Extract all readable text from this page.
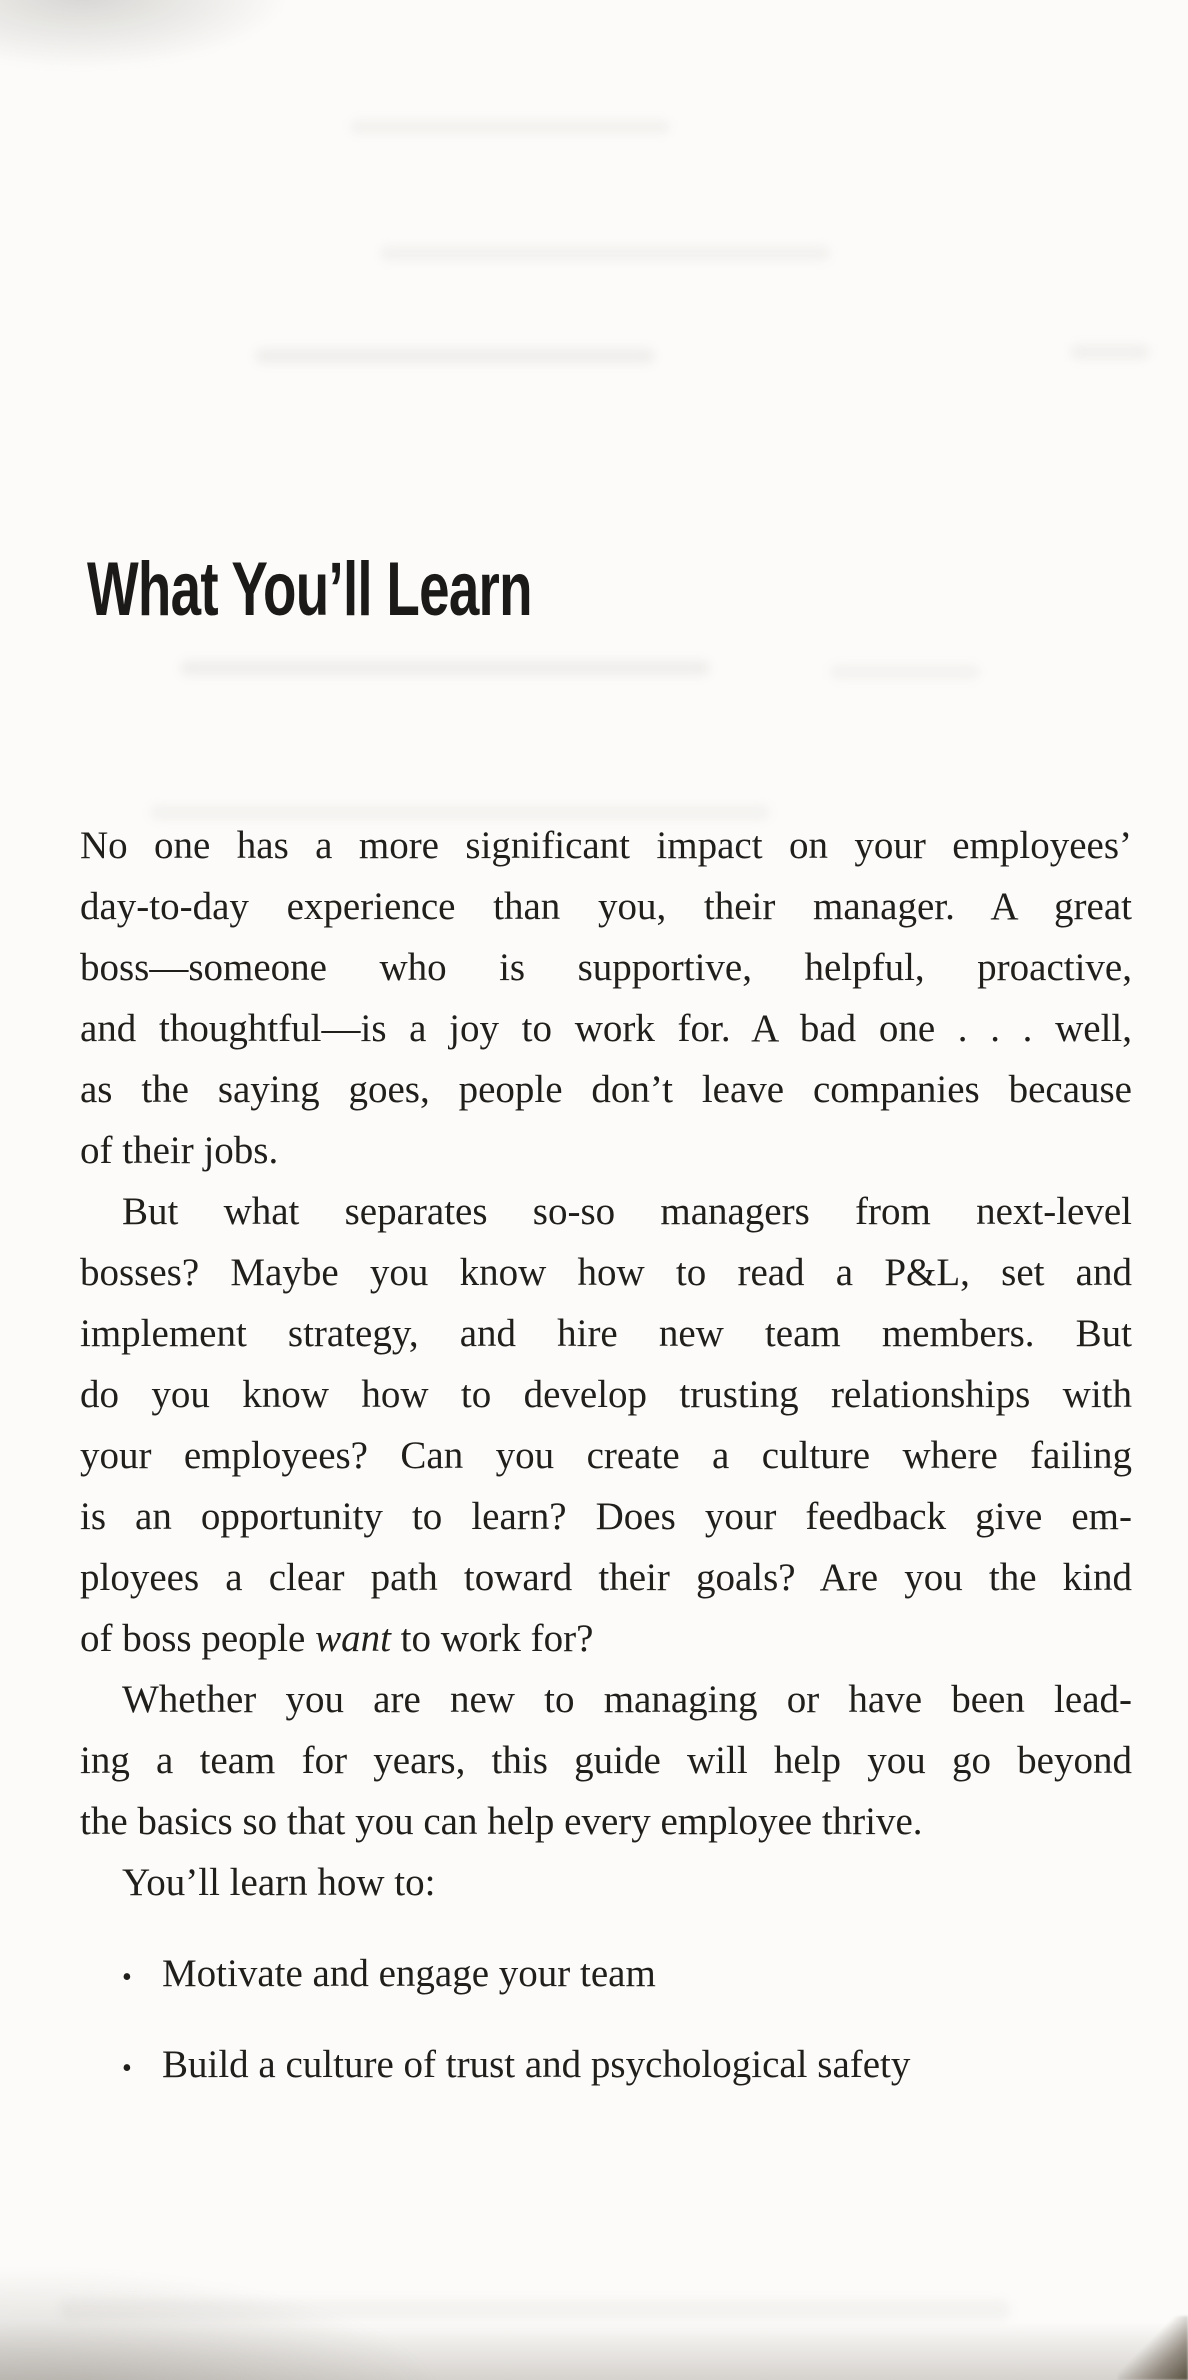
What You’ll Learn
No one has a more significant impact on your employees’
day-to-day experience than you, their manager. A great
boss—someone who is supportive, helpful, proactive,
and thoughtful—is a joy to work for. A bad one . . . well,
as the saying goes, people don’t leave companies because
of their jobs.
But what separates so-so managers from next-level
bosses? Maybe you know how to read a P&L, set and
implement strategy, and hire new team members. But
do you know how to develop trusting relationships with
your employees? Can you create a culture where failing
is an opportunity to learn? Does your feedback give em-
ployees a clear path toward their goals? Are you the kind
of boss people want to work for?
Whether you are new to managing or have been lead-
ing a team for years, this guide will help you go beyond
the basics so that you can help every employee thrive.
You’ll learn how to:
• Motivate and engage your team
• Build a culture of trust and psychological safety
